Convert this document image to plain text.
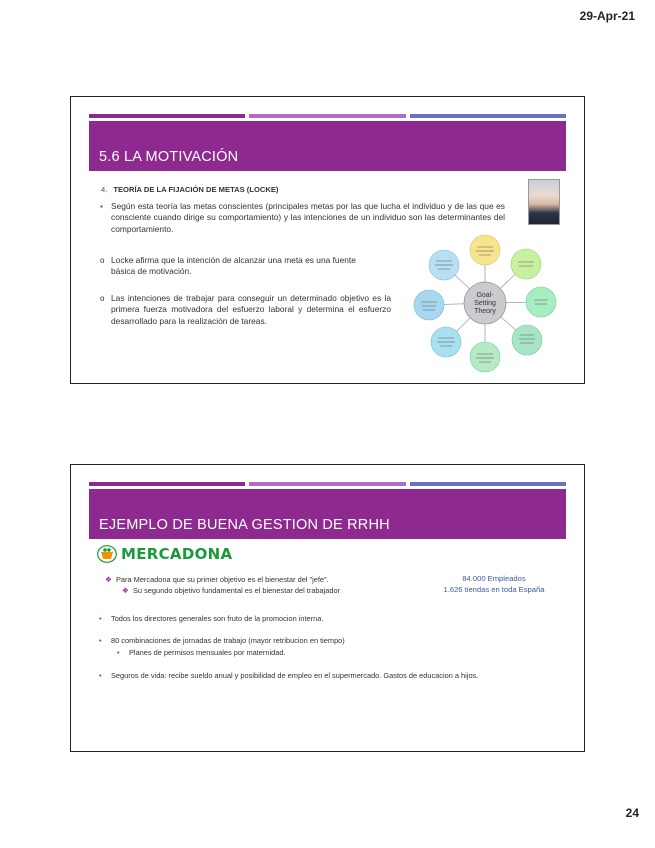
29-Apr-21
5.6 LA MOTIVACIÓN
4. TEORÍA DE LA FIJACIÓN DE METAS (LOCKE)
▪ Según esta teoría las metas conscientes (principales metas por las que lucha el individuo y de las que es consciente cuando dirige su comportamiento) y las intenciones de un individuo son las determinantes del comportamiento.
o Locke afirma que la intención de alcanzar una meta es una fuente básica de motivación.
o Las intenciones de trabajar para conseguir un determinado objetivo es la primera fuerza motivadora del esfuerzo laboral y determina el esfuerzo desarrollado para la realización de tareas.
Goal-
Setting
Theory
EJEMPLO DE BUENA GESTION DE RRHH
MERCADONA
❖ Para Mercadona que su primer objetivo es el bienestar del "jefe".
❖ Su segundo objetivo fundamental es el bienestar del trabajador
84.000 Empleados
1.626 tiendas en toda España
• Todos los directores generales son fruto de la promocion interna.
• 80 combinaciones de jornadas de trabajo (mayor retribucion en tiempo)
• Planes de permisos mensuales por maternidad.
• Seguros de vida: recibe sueldo anual y posibilidad de empleo en el supermercado. Gastos de educacion a hijos.
24
